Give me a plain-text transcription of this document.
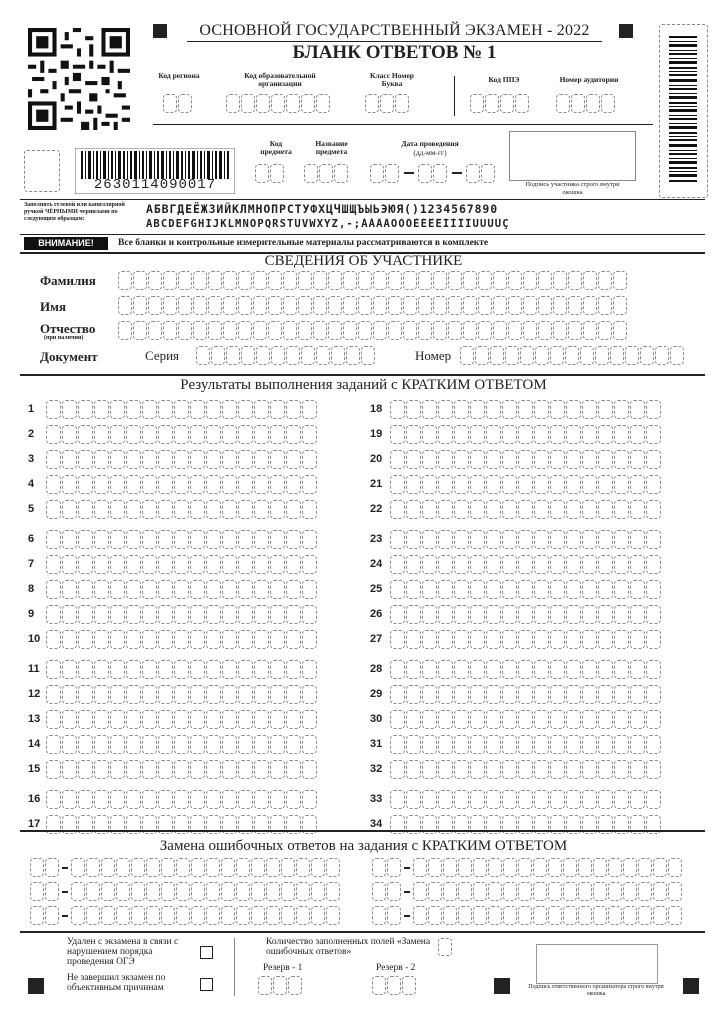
ОСНОВНОЙ ГОСУДАРСТВЕННЫЙ ЭКЗАМЕН - 2022
БЛАНК ОТВЕТОВ № 1
Код региона	Код образовательной организации
Класс Номер Буква	Код ППЭ	Номер аудитории
2630114090017
Код предмета
Название предмета
Дата проведения
(дд-мм-гг)
Подпись участника строго внутри окошка
Заполнять гелевой или капиллярной ручкой ЧЁРНЫМИ чернилами по следующим образцам:
АБВГДЕЁЖЗИЙКЛМНОПРСТУФХЦЧШЩЪЫЬЭЮЯ()1234567890
ABCDEFGHIJKLMNOPQRSTUVWXYZ,-;ÀÁÂÄÒÓÖÈÉÊËÌÍÎÏÙÚÛÜÇ
ВНИМАНИЕ!	Все бланки и контрольные измерительные материалы рассматриваются в комплекте
СВЕДЕНИЯ ОБ УЧАСТНИКЕ
Фамилия
Имя
Отчество
(при наличии)
Документ	Серия	Номер
Результаты выполнения заданий с КРАТКИМ ОТВЕТОМ
1
2
3
4
5
6
7
8
9
10
11
12
13
14
15
16
17
18
19
20
21
22
23
24
25
26
27
28
29
30
31
32
33
34
Замена ошибочных ответов на задания с КРАТКИМ ОТВЕТОМ
Удален с экзамена в связи с нарушением порядка проведения ОГЭ
Не завершил экзамен по объективным причинам
Количество заполненных полей «Замена ошибочных ответов»
Резерв - 1	Резерв - 2
Подпись ответственного организатора строго внутри окошка
